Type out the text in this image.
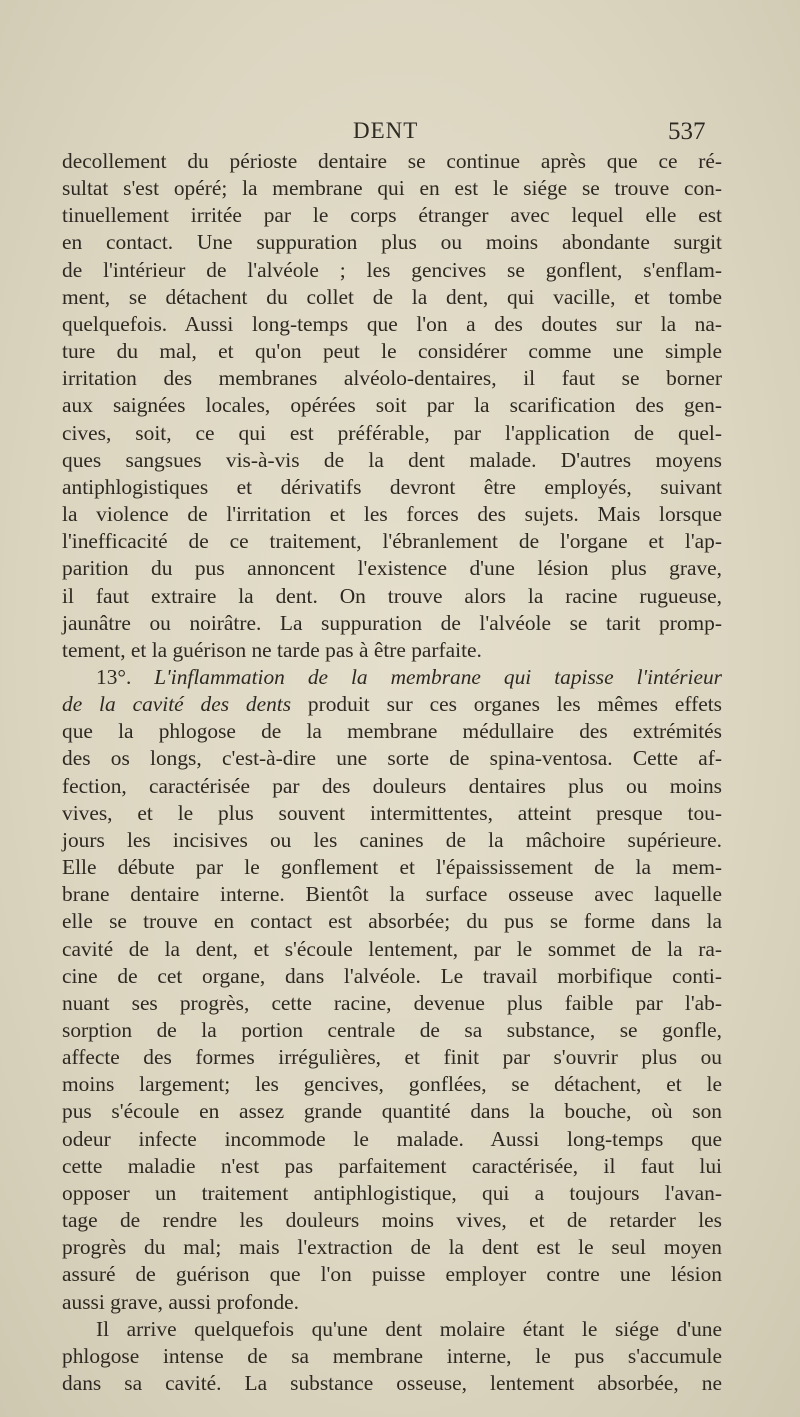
DENT	537

decollement du périoste dentaire se continue après que ce ré-

sultat s'est opéré; la membrane qui en est le siége se trouve con-

tinuellement irritée par le corps étranger avec lequel elle est

en contact. Une suppuration plus ou moins abondante surgit

de l'intérieur de l'alvéole ; les gencives se gonflent, s'enflam-

ment, se détachent du collet de la dent, qui vacille, et tombe

quelquefois. Aussi long-temps que l'on a des doutes sur la na-

ture du mal, et qu'on peut le considérer comme une simple

irritation des membranes alvéolo-dentaires, il faut se borner

aux saignées locales, opérées soit par la scarification des gen-

cives, soit, ce qui est préférable, par l'application de quel-

ques sangsues vis-à-vis de la dent malade. D'autres moyens

antiphlogistiques et dérivatifs devront être employés, suivant

la violence de l'irritation et les forces des sujets. Mais lorsque

l'inefficacité de ce traitement, l'ébranlement de l'organe et l'ap-

parition du pus annoncent l'existence d'une lésion plus grave,

il faut extraire la dent. On trouve alors la racine rugueuse,

jaunâtre ou noirâtre. La suppuration de l'alvéole se tarit promp-

tement, et la guérison ne tarde pas à être parfaite.

13°. L'inflammation de la membrane qui tapisse l'intérieur

de la cavité des dents produit sur ces organes les mêmes effets

que la phlogose de la membrane médullaire des extrémités

des os longs, c'est-à-dire une sorte de spina-ventosa. Cette af-

fection, caractérisée par des douleurs dentaires plus ou moins

vives, et le plus souvent intermittentes, atteint presque tou-

jours les incisives ou les canines de la mâchoire supérieure.

Elle débute par le gonflement et l'épaississement de la mem-

brane dentaire interne. Bientôt la surface osseuse avec laquelle

elle se trouve en contact est absorbée; du pus se forme dans la

cavité de la dent, et s'écoule lentement, par le sommet de la ra-

cine de cet organe, dans l'alvéole. Le travail morbifique conti-

nuant ses progrès, cette racine, devenue plus faible par l'ab-

sorption de la portion centrale de sa substance, se gonfle,

affecte des formes irrégulières, et finit par s'ouvrir plus ou

moins largement; les gencives, gonflées, se détachent, et le

pus s'écoule en assez grande quantité dans la bouche, où son

odeur infecte incommode le malade. Aussi long-temps que

cette maladie n'est pas parfaitement caractérisée, il faut lui

opposer un traitement antiphlogistique, qui a toujours l'avan-

tage de rendre les douleurs moins vives, et de retarder les

progrès du mal; mais l'extraction de la dent est le seul moyen

assuré de guérison que l'on puisse employer contre une lésion

aussi grave, aussi profonde.

Il arrive quelquefois qu'une dent molaire étant le siége d'une

phlogose intense de sa membrane interne, le pus s'accumule

dans sa cavité. La substance osseuse, lentement absorbée, ne
